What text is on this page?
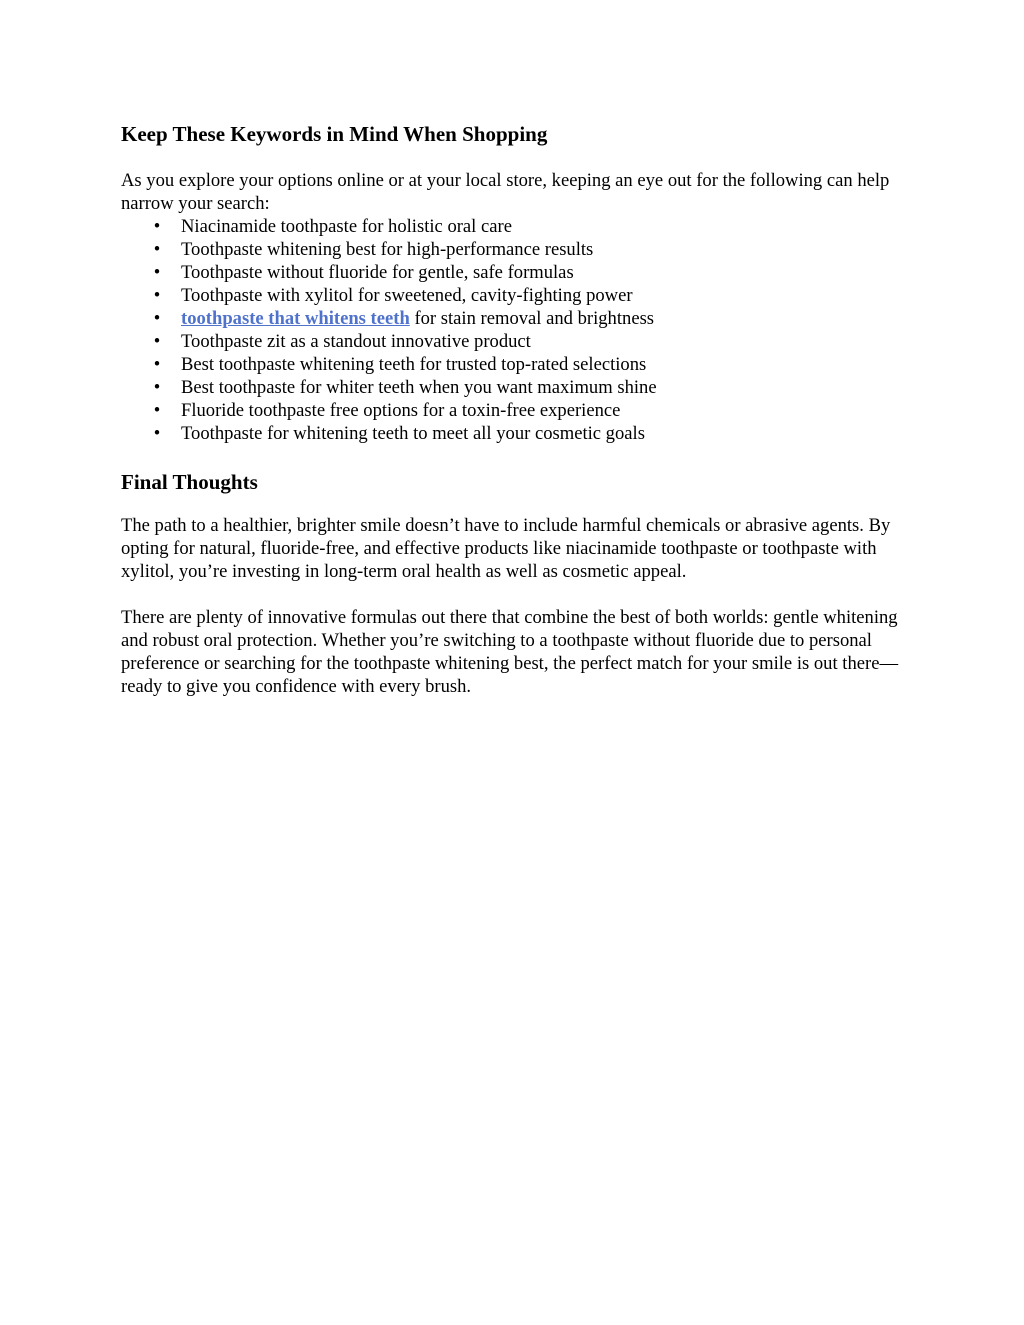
Keep These Keywords in Mind When Shopping

As you explore your options online or at your local store, keeping an eye out for the following can help narrow your search:

• Niacinamide toothpaste for holistic oral care
• Toothpaste whitening best for high-performance results
• Toothpaste without fluoride for gentle, safe formulas
• Toothpaste with xylitol for sweetened, cavity-fighting power
• toothpaste that whitens teeth for stain removal and brightness
• Toothpaste zit as a standout innovative product
• Best toothpaste whitening teeth for trusted top-rated selections
• Best toothpaste for whiter teeth when you want maximum shine
• Fluoride toothpaste free options for a toxin-free experience
• Toothpaste for whitening teeth to meet all your cosmetic goals
Final Thoughts

The path to a healthier, brighter smile doesn’t have to include harmful chemicals or abrasive agents. By opting for natural, fluoride-free, and effective products like niacinamide toothpaste or toothpaste with xylitol, you’re investing in long-term oral health as well as cosmetic appeal.

There are plenty of innovative formulas out there that combine the best of both worlds: gentle whitening and robust oral protection. Whether you’re switching to a toothpaste without fluoride due to personal preference or searching for the toothpaste whitening best, the perfect match for your smile is out there—ready to give you confidence with every brush.
